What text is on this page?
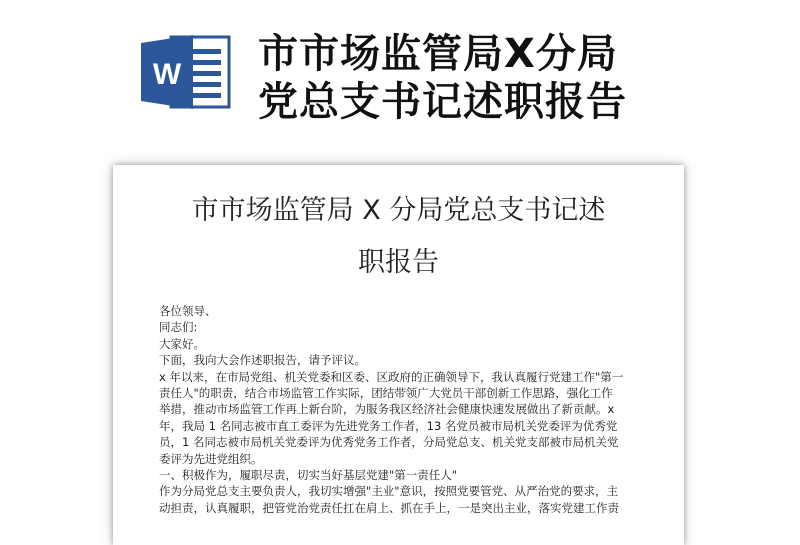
W 市市场监管局X分局
党总支书记述职报告
市市场监管局 X 分局党总支书记述
职报告

各位领导、

同志们:

大家好。

下面，我向大会作述职报告，请予评议。

x 年以来，在市局党组、机关党委和区委、区政府的正确领导下，我认真履行党建工作"第一

责任人"的职责，结合市场监管工作实际，团结带领广大党员干部创新工作思路，强化工作

举措，推动市场监管工作再上新台阶，为服务我区经济社会健康快速发展做出了新贡献。x

年，我局 1 名同志被市直工委评为先进党务工作者，13 名党员被市局机关党委评为优秀党

员，1 名同志被市局机关党委评为优秀党务工作者，分局党总支、机关党支部被市局机关党

委评为先进党组织。

一、积极作为，履职尽责，切实当好基层党建"第一责任人"

作为分局党总支主要负责人，我切实增强"主业"意识，按照党要管党、从严治党的要求，主

动担责，认真履职，把管党治党责任扛在肩上、抓在手上，一是突出主业，落实党建工作责
